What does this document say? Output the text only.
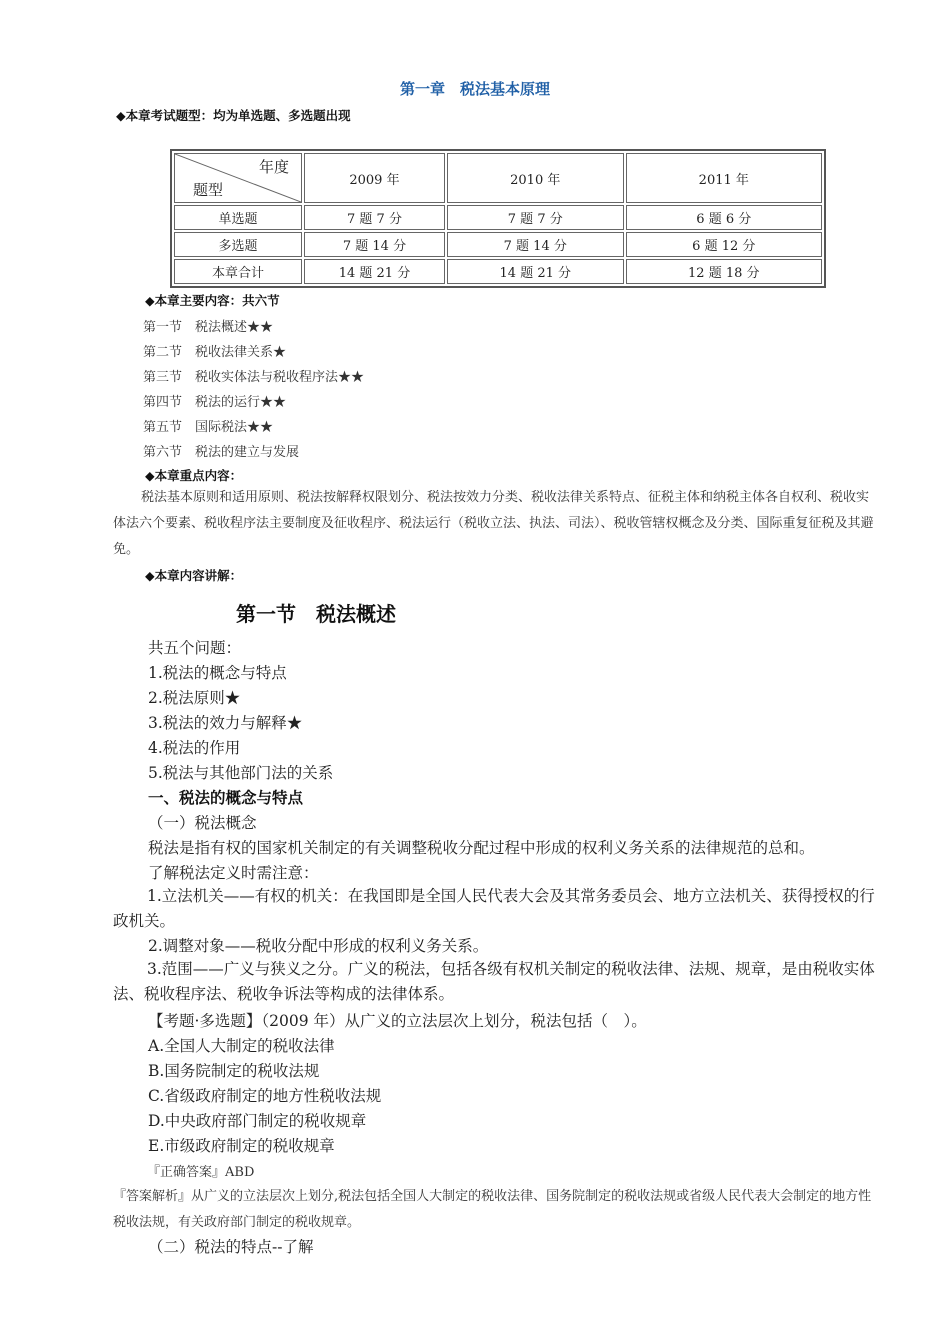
第一章　税法基本原理
◆本章考试题型：均为单选题、多选题出现
年度
题型	2009 年	2010 年	2011 年
单选题	7 题 7 分	7 题 7 分	6 题 6 分
多选题	7 题 14 分	7 题 14 分	6 题 12 分
本章合计	14 题 21 分	14 题 21 分	12 题 18 分
◆本章主要内容：共六节
第一节　 税法概述★★
第二节　 税收法律关系★
第三节　 税收实体法与税收程序法★★
第四节　 税法的运行★★
第五节　 国际税法★★
第六节　 税法的建立与发展
◆本章重点内容：
税法基本原则和适用原则、税法按解释权限划分、税法按效力分类、税收法律关系特点、征税主体和纳税主体各自权利、税收实体法六个要素、税收程序法主要制度及征收程序、税法运行（税收立法、执法、司法）、税收管辖权概念及分类、国际重复征税及其避免。
◆本章内容讲解：
第一节　税法概述
共五个问题：
1.税法的概念与特点
2.税法原则★
3.税法的效力与解释★
4.税法的作用
5.税法与其他部门法的关系
一、税法的概念与特点
（一）税法概念
税法是指有权的国家机关制定的有关调整税收分配过程中形成的权利义务关系的法律规范的总和。
了解税法定义时需注意：
1.立法机关——有权的机关：在我国即是全国人民代表大会及其常务委员会、地方立法机关、获得授权的行政机关。
2.调整对象——税收分配中形成的权利义务关系。
3.范围——广义与狭义之分。广义的税法，包括各级有权机关制定的税收法律、法规、规章，是由税收实体法、税收程序法、税收争诉法等构成的法律体系。
【考题·多选题】（2009 年）从广义的立法层次上划分，税法包括（　）。
A.全国人大制定的税收法律
B.国务院制定的税收法规
C.省级政府制定的地方性税收法规
D.中央政府部门制定的税收规章
E.市级政府制定的税收规章
『正确答案』ABD
『答案解析』从广义的立法层次上划分,税法包括全国人大制定的税收法律、国务院制定的税收法规或省级人民代表大会制定的地方性税收法规，有关政府部门制定的税收规章。
（二）税法的特点--了解
